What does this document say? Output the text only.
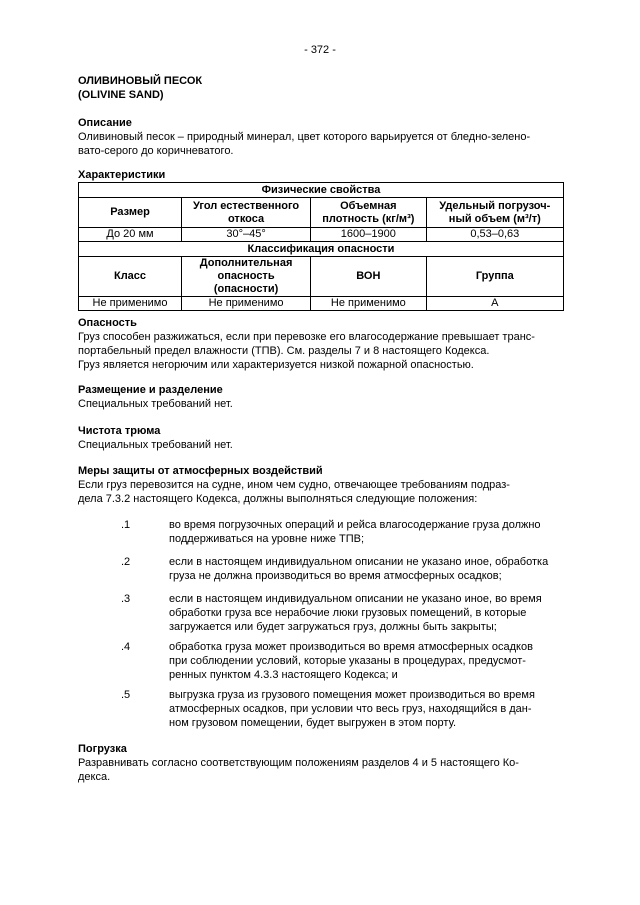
- 372 -
ОЛИВИНОВЫЙ ПЕСОК
(OLIVINE SAND)
Описание
Оливиновый песок – природный минерал, цвет которого варьируется от бледно-зелено-
вато-серого до коричневатого.
Характеристики
Физические свойства			
Размер	Угол естественного откоса	Объемная плотность (кг/м³)	Удельный погрузоч-ный объем (м³/т)
До 20 мм	30°–45°	1600–1900	0,53–0,63
Классификация опасности			
Класс	Дополнительная опасность (опасности)	ВОН	Группа
Не применимо	Не применимо	Не применимо	А
Опасность
Груз способен разжижаться, если при перевозке его влагосодержание превышает транс-
портабельный предел влажности (ТПВ). См. разделы 7 и 8 настоящего Кодекса.
Груз является негорючим или характеризуется низкой пожарной опасностью.
Размещение и разделение
Специальных требований нет.
Чистота трюма
Специальных требований нет.
Меры защиты от атмосферных воздействий
Если груз перевозится на судне, ином чем судно, отвечающее требованиям подраз-
дела 7.3.2 настоящего Кодекса, должны выполняться следующие положения:
.1	во время погрузочных операций и рейса влагосодержание груза должно
поддерживаться на уровне ниже ТПВ;
.2	если в настоящем индивидуальном описании не указано иное, обработка
груза не должна производиться во время атмосферных осадков;
.3	если в настоящем индивидуальном описании не указано иное, во время
обработки груза все нерабочие люки грузовых помещений, в которые
загружается или будет загружаться груз, должны быть закрыты;
.4	обработка груза может производиться во время атмосферных осадков
при соблюдении условий, которые указаны в процедурах, предусмот-
ренных пунктом 4.3.3 настоящего Кодекса; и
.5	выгрузка груза из грузового помещения может производиться во время
атмосферных осадков, при условии что весь груз, находящийся в дан-
ном грузовом помещении, будет выгружен в этом порту.
Погрузка
Разравнивать согласно соответствующим положениям разделов 4 и 5 настоящего Ко-
декса.
